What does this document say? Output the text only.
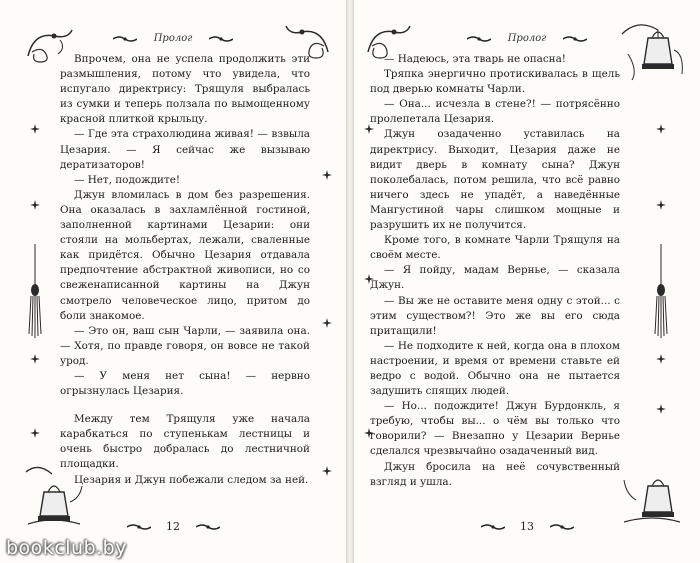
Пролог

Впрочем, она не успела продолжить эти размышления, потому что увидела, что испугало директрису: Трящуля выбралась из сумки и теперь ползала по вымощенному красной плиткой крыльцу.

— Где эта страхолюдина живая! — взвыла Цезария. — Я сейчас же вызываю дератизаторов!

— Нет, подождите!

Джун вломилась в дом без разрешения. Она оказалась в захламлённой гостиной, заполненной картинами Цезарии: они стояли на мольбертах, лежали, сваленные как придётся. Обычно Цезария отдавала предпочтение абстрактной живописи, но со свеженаписанной картины на Джун смотрело человеческое лицо, притом до боли знакомое.

— Это он, ваш сын Чарли, — заявила она. — Хотя, по правде говоря, он вовсе не такой урод.

— У меня нет сына! — нервно огрызнулась Цезария.

Между тем Трящуля уже начала карабкаться по ступенькам лестницы и очень быстро добралась до лестничной площадки.

Цезария и Джун побежали следом за ней.

12
bookclub.by
Пролог

— Надеюсь, эта тварь не опасна!

Тряпка энергично протискивалась в щель под дверью комнаты Чарли.

— Она... исчезла в стене?! — потрясённо пролепетала Цезария.

Джун озадаченно уставилась на директрису. Выходит, Цезария даже не видит дверь в комнату сына? Джун поколебалась, потом решила, что всё равно ничего здесь не упадёт, а наведённые Мангустиной чары слишком мощные и разрушить их не получится.

Кроме того, в комнате Чарли Трящуля на своём месте.

— Я пойду, мадам Вернье, — сказала Джун.

— Вы же не оставите меня одну с этой... с этим существом?! Это же вы его сюда притащили!

— Не подходите к ней, когда она в плохом настроении, и время от времени ставьте ей ведро с водой. Обычно она не пытается задушить спящих людей.

— Но... подождите! Джун Бурдонкль, я требую, чтобы вы... о чём вы только что говорили? — Внезапно у Цезарии Вернье сделался чрезвычайно озадаченный вид.

Джун бросила на неё сочувственный взгляд и ушла.

13
